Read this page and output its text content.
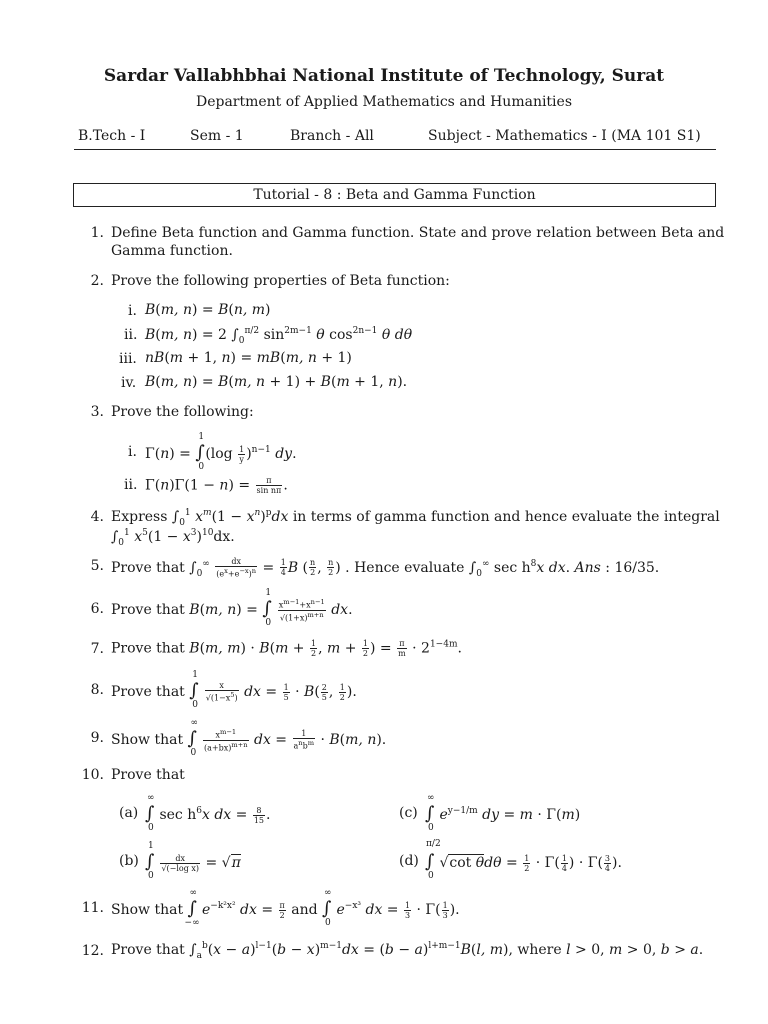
Sardar Vallabhbhai National Institute of Technology, Surat
Department of Applied Mathematics and Humanities
B.Tech - I	Sem - 1	Branch - All	Subject - Mathematics - I (MA 101 S1)
Tutorial - 8 : Beta and Gamma Function
1. Define Beta function and Gamma function. State and prove relation between Beta and
Gamma function.
2. Prove the following properties of Beta function:
i. B(m, n) = B(n, m)
ii. B(m, n) = 2 $\int_0^{\pi/2}$ $\sin^{2m-1} \theta$ $\cos^{2n-1} \theta$ dθ
iii. nB(m + 1, n) = mB(m, n + 1)
iv. B(m, n) = B(m, n + 1) + B(m + 1, n).
3. Prove the following:
i. Γ(n) = ∫
1
0
$(\log \frac{1}{y} )^{n-1}$ dy.
ii. $\Gamma(n)\Gamma(1 - n) = \frac{\pi}{\text{sin nπ}}$ .
4. Express $\int_0^1$ $x^m(1 - x^n)^pdx$ in terms of gamma function and hence evaluate the integral
$\int_0^1$ $x^5(1 - x^3)^{10}dx$.
5. Prove that $\int_0^\infty \frac{dx}{(e^x+e^{-x})^n} = \frac{1}{4}$ B ( $\frac{n}{2}$ , $\frac{n}{2}$ ) . Hence evaluate $\int_0^\infty$ $\sec h^8x$ dx. Ans : 16/35.
6. Prove that B(m, n) = ∫
1
0

$\frac{x^{m-1}+x^{n-1}}{√(1+x)^{m+n}}$ dx.
7. Prove that B(m, $m) \cdot B(m + \frac{1}{2}$ , $m + \frac{1}{2}$ ) = $\frac{\pi}{m} \cdot 2^{1-4m}$.
8. Prove that ∫
1
0

$\frac{x}{√(1-x^5)}$ dx = $\frac{1}{5} \cdot B( \frac{2}{5}$ , $\frac{1}{2}$ ).
9. Show that ∫
∞
0

$\frac{x^{m-1}}{(a+bx)^{m+n}}$ dx = $\frac{1}{a^nb^m} \cdot B(m$, n).
10. Prove that
(a) ∫
∞
0
$\sec h^6x$ dx = $\frac{8}{15}$ .
(b) ∫
1
0

$\frac{dx}{\text{√(−log x)}} = √\pi$
(c) ∫
∞
0
$e^{y-1/m}$ dy = m · Γ(m)
(d) ∫
π/2
0
√cot $\theta d\theta = \frac{1}{2} \cdot \Gamma( \frac{1}{4}$ ) · $\Gamma( \frac{3}{4}$ ).
11. Show that ∫
∞
−∞
$e^{-k^2x^2}$ dx = $\frac{\pi}{2}$ and ∫
∞
0
$e^{-x^3}$ dx = $\frac{1}{3} \cdot \Gamma( \frac{1}{3}$ ).
12. Prove that $\int_a^b(x - a)^{l-1}(b - x)^{m-1}dx = (b - a)^{l+m-1}B(l$, m), where l > 0, m > 0, b > a.
